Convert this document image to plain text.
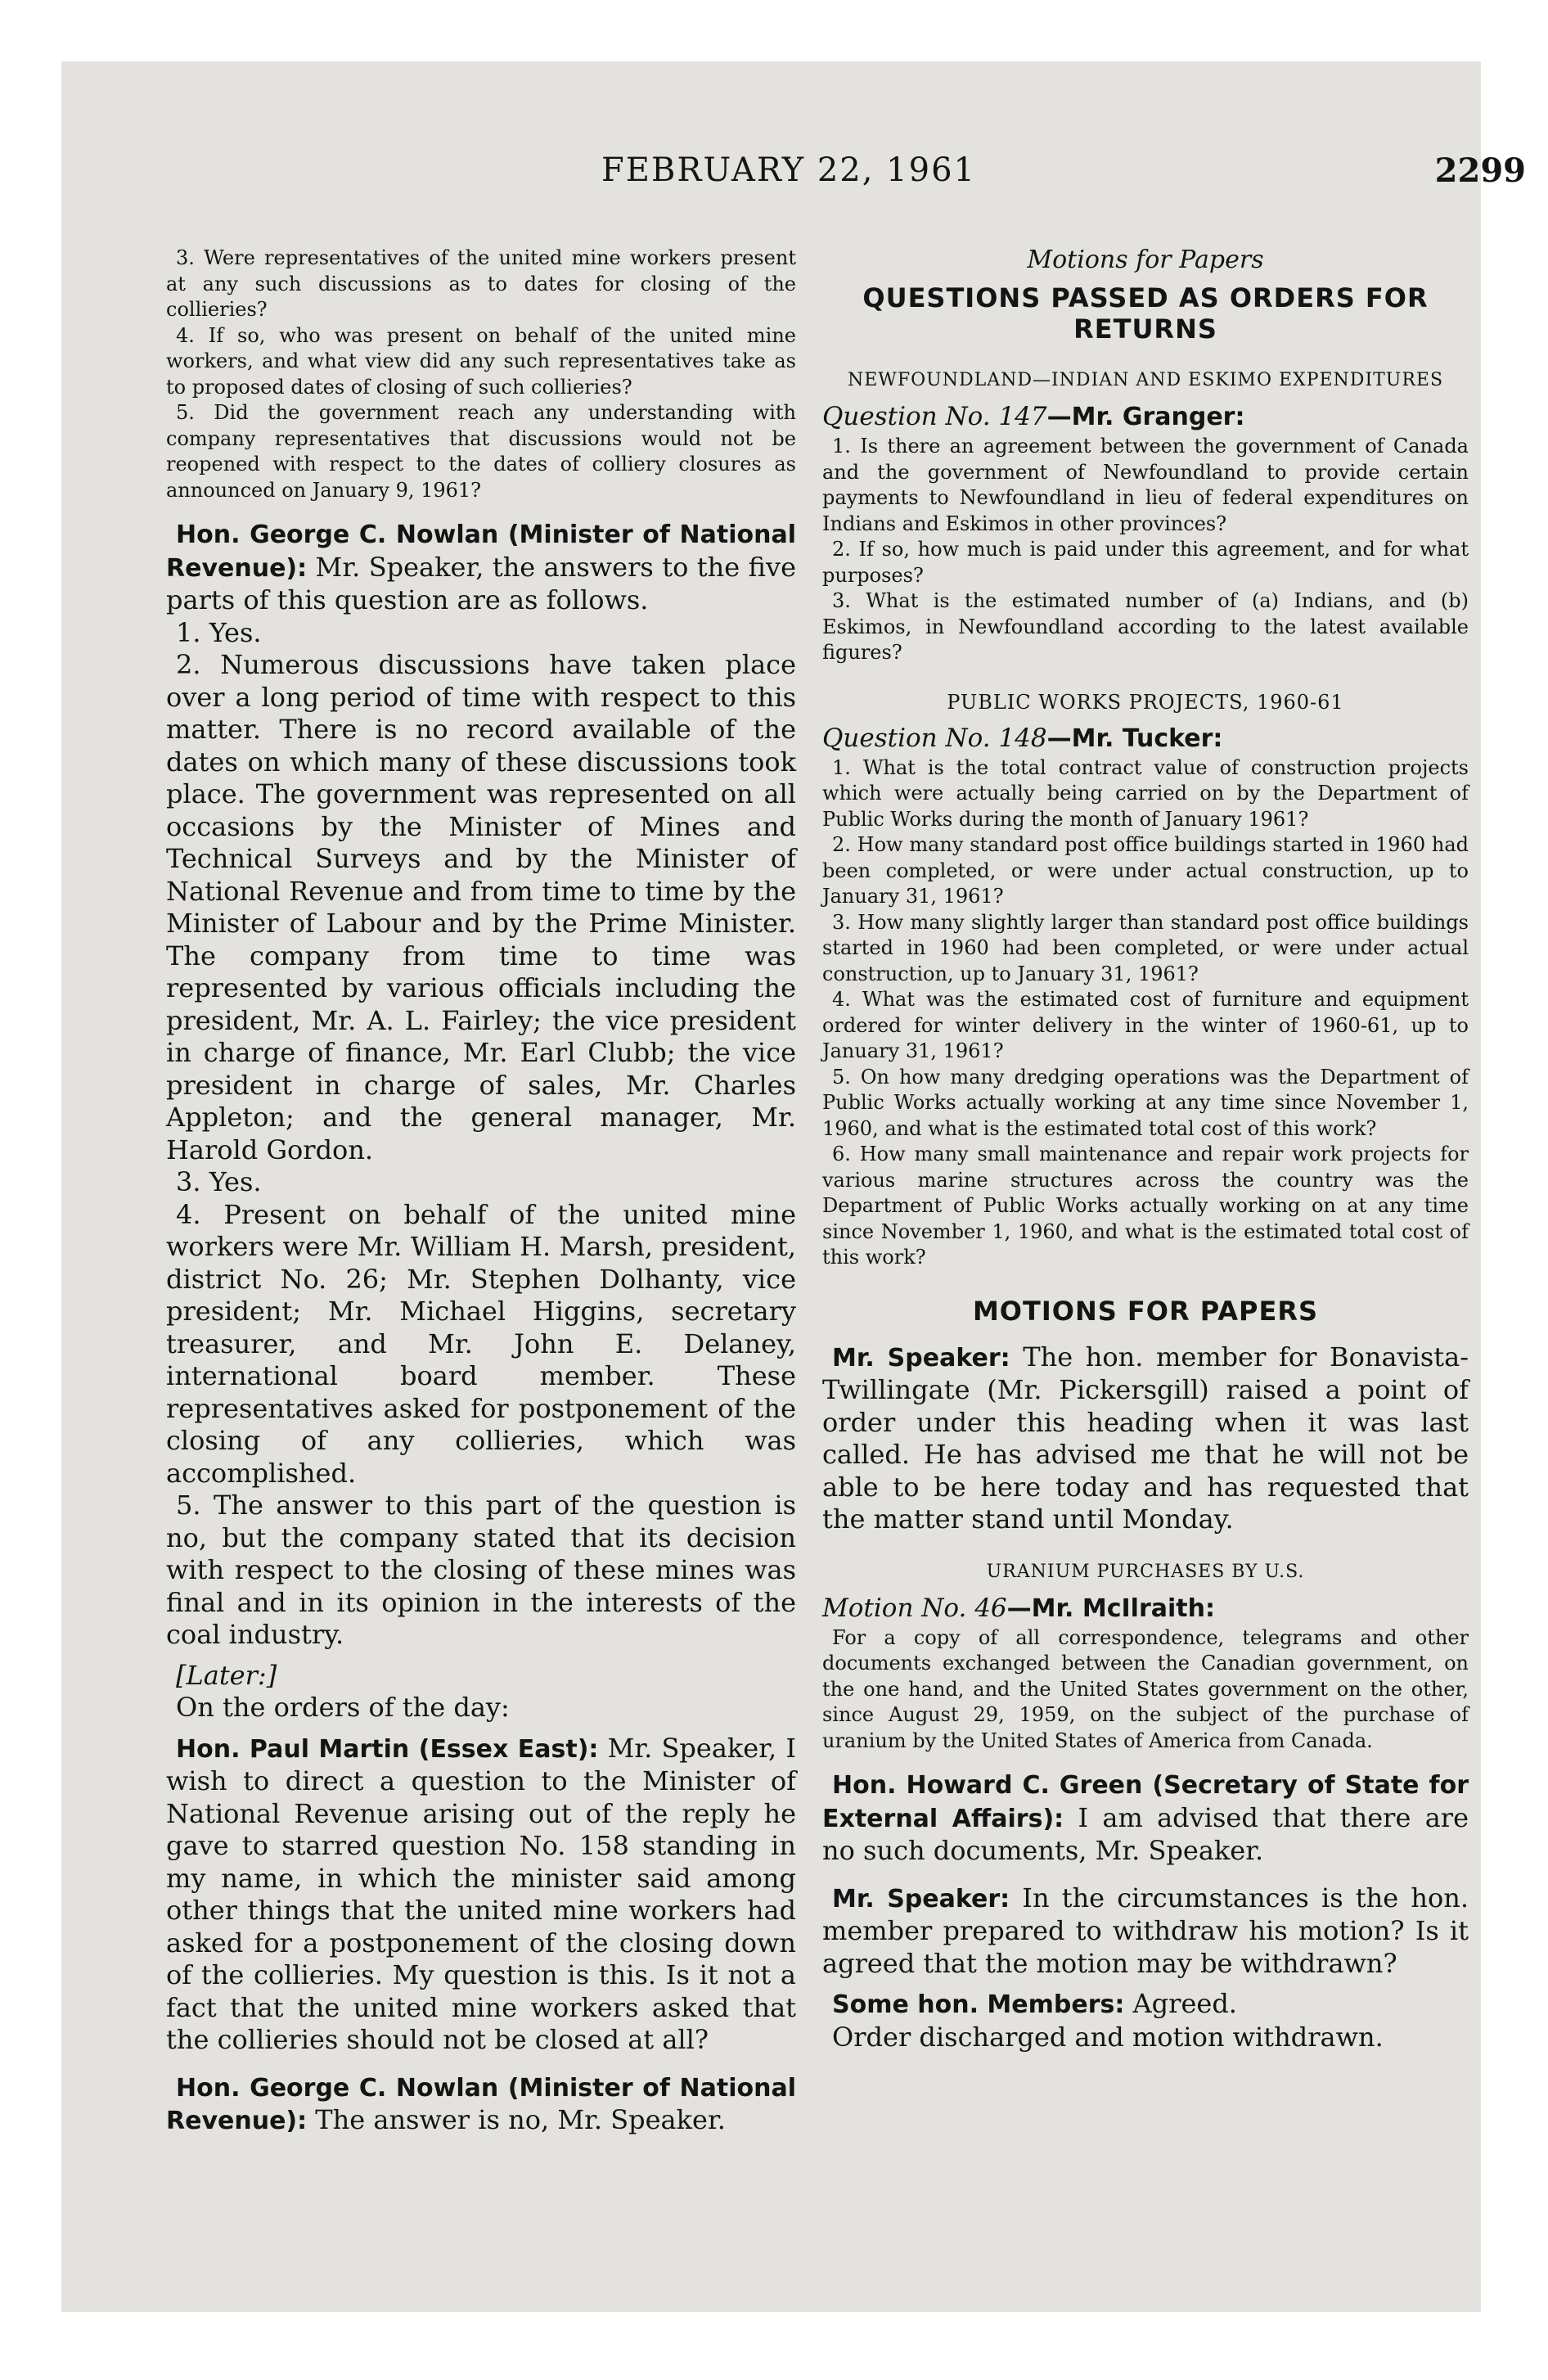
FEBRUARY 22, 1961	2299

3. Were representatives of the united mine workers present at any such discussions as to dates for closing of the collieries?

4. If so, who was present on behalf of the united mine workers, and what view did any such representatives take as to proposed dates of closing of such collieries?

5. Did the government reach any understanding with company representatives that discussions would not be reopened with respect to the dates of colliery closures as announced on January 9, 1961?

Hon. George C. Nowlan (Minister of National Revenue): Mr. Speaker, the answers to the five parts of this question are as follows.

1. Yes.

2. Numerous discussions have taken place over a long period of time with respect to this matter. There is no record available of the dates on which many of these discussions took place. The government was represented on all occasions by the Minister of Mines and Technical Surveys and by the Minister of National Revenue and from time to time by the Minister of Labour and by the Prime Minister. The company from time to time was represented by various officials including the president, Mr. A. L. Fairley; the vice president in charge of finance, Mr. Earl Clubb; the vice president in charge of sales, Mr. Charles Appleton; and the general manager, Mr. Harold Gordon.

3. Yes.

4. Present on behalf of the united mine workers were Mr. William H. Marsh, president, district No. 26; Mr. Stephen Dolhanty, vice president; Mr. Michael Higgins, secretary treasurer, and Mr. John E. Delaney, international board member. These representatives asked for postponement of the closing of any collieries, which was accomplished.

5. The answer to this part of the question is no, but the company stated that its decision with respect to the closing of these mines was final and in its opinion in the interests of the coal industry.

[Later:]

On the orders of the day:

Hon. Paul Martin (Essex East): Mr. Speaker, I wish to direct a question to the Minister of National Revenue arising out of the reply he gave to starred question No. 158 standing in my name, in which the minister said among other things that the united mine workers had asked for a postponement of the closing down of the collieries. My question is this. Is it not a fact that the united mine workers asked that the collieries should not be closed at all?

Hon. George C. Nowlan (Minister of National Revenue): The answer is no, Mr. Speaker.

Motions for Papers

QUESTIONS PASSED AS ORDERS FOR RETURNS

NEWFOUNDLAND—INDIAN AND ESKIMO EXPENDITURES

Question No. 147—Mr. Granger:

1. Is there an agreement between the government of Canada and the government of Newfoundland to provide certain payments to Newfoundland in lieu of federal expenditures on Indians and Eskimos in other provinces?

2. If so, how much is paid under this agreement, and for what purposes?

3. What is the estimated number of (a) Indians, and (b) Eskimos, in Newfoundland according to the latest available figures?

PUBLIC WORKS PROJECTS, 1960-61

Question No. 148—Mr. Tucker:

1. What is the total contract value of construction projects which were actually being carried on by the Department of Public Works during the month of January 1961?

2. How many standard post office buildings started in 1960 had been completed, or were under actual construction, up to January 31, 1961?

3. How many slightly larger than standard post office buildings started in 1960 had been completed, or were under actual construction, up to January 31, 1961?

4. What was the estimated cost of furniture and equipment ordered for winter delivery in the winter of 1960-61, up to January 31, 1961?

5. On how many dredging operations was the Department of Public Works actually working at any time since November 1, 1960, and what is the estimated total cost of this work?

6. How many small maintenance and repair work projects for various marine structures across the country was the Department of Public Works actually working on at any time since November 1, 1960, and what is the estimated total cost of this work?

MOTIONS FOR PAPERS

Mr. Speaker: The hon. member for Bonavista-Twillingate (Mr. Pickersgill) raised a point of order under this heading when it was last called. He has advised me that he will not be able to be here today and has requested that the matter stand until Monday.

URANIUM PURCHASES BY U.S.

Motion No. 46—Mr. McIlraith:

For a copy of all correspondence, telegrams and other documents exchanged between the Canadian government, on the one hand, and the United States government on the other, since August 29, 1959, on the subject of the purchase of uranium by the United States of America from Canada.

Hon. Howard C. Green (Secretary of State for External Affairs): I am advised that there are no such documents, Mr. Speaker.

Mr. Speaker: In the circumstances is the hon. member prepared to withdraw his motion? Is it agreed that the motion may be withdrawn?

Some hon. Members: Agreed.

Order discharged and motion withdrawn.
